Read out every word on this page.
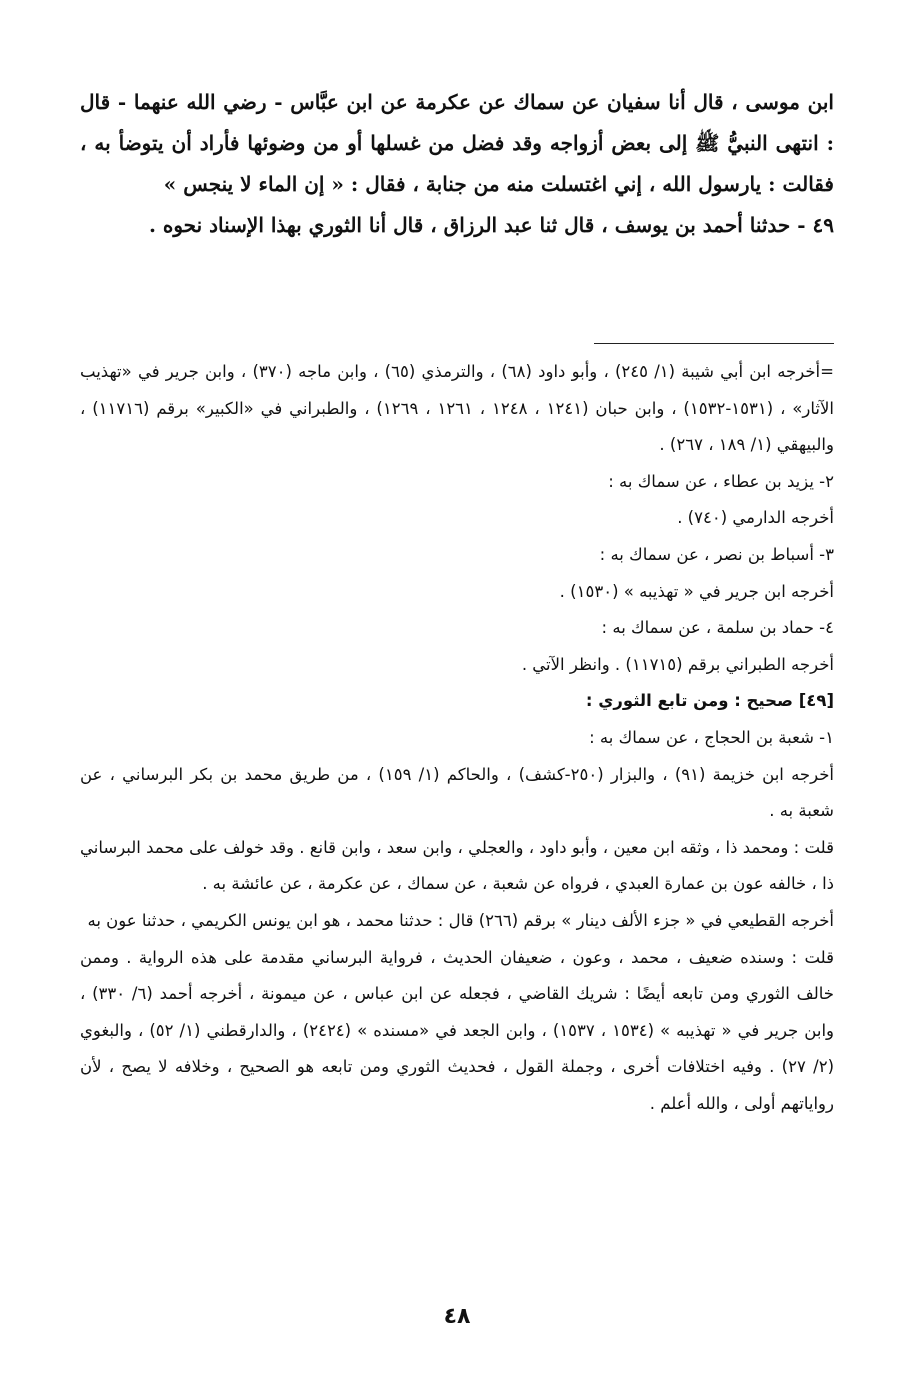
ابن موسى ، قال أنا سفيان عن سماك عن عكرمة عن ابن عبَّاس - رضي الله عنهما - قال : انتهى النبيُّ ﷺ إلى بعض أزواجه وقد فضل من غسلها أو من وضوئها فأراد أن يتوضأ به ، فقالت : يارسول الله ، إني اغتسلت منه من جنابة ، فقال : « إن الماء لا ينجس »

٤٩ - حدثنا أحمد بن يوسف ، قال ثنا عبد الرزاق ، قال أنا الثوري بهذا الإسناد نحوه .

=أخرجه ابن أبي شيبة (١/ ٢٤٥) ، وأبو داود (٦٨) ، والترمذي (٦٥) ، وابن ماجه (٣٧٠) ، وابن جرير في «تهذيب الآثار» ، (١٥٣١-١٥٣٢) ، وابن حبان (١٢٤١ ، ١٢٤٨ ، ١٢٦١ ، ١٢٦٩) ، والطبراني في «الكبير» برقم (١١٧١٦) ، والبيهقي (١/ ١٨٩ ، ٢٦٧) .

٢- يزيد بن عطاء ، عن سماك به :

أخرجه الدارمي (٧٤٠) .

٣- أسباط بن نصر ، عن سماك به :

أخرجه ابن جرير في « تهذيبه » (١٥٣٠) .

٤- حماد بن سلمة ، عن سماك به :

أخرجه الطبراني برقم (١١٧١٥) . وانظر الآتي .

[٤٩] صحيح : ومن تابع الثوري :

١- شعبة بن الحجاج ، عن سماك به :

أخرجه ابن خزيمة (٩١) ، والبزار (٢٥٠-كشف) ، والحاكم (١/ ١٥٩) ، من طريق محمد بن بكر البرساني ، عن شعبة به .

قلت : ومحمد ذا ، وثقه ابن معين ، وأبو داود ، والعجلي ، وابن سعد ، وابن قانع . وقد خولف على محمد البرساني ذا ، خالفه عون بن عمارة العبدي ، فرواه عن شعبة ، عن سماك ، عن عكرمة ، عن عائشة به .

أخرجه القطيعي في « جزء الألف دينار » برقم (٢٦٦) قال : حدثنا محمد ، هو ابن يونس الكريمي ، حدثنا عون به

قلت : وسنده ضعيف ، محمد ، وعون ، ضعيفان الحديث ، فرواية البرساني مقدمة على هذه الرواية . وممن خالف الثوري ومن تابعه أيضًا : شريك القاضي ، فجعله عن ابن عباس ، عن ميمونة ، أخرجه أحمد (٦/ ٣٣٠) ، وابن جرير في « تهذيبه » (١٥٣٤ ، ١٥٣٧) ، وابن الجعد في «مسنده » (٢٤٢٤) ، والدارقطني (١/ ٥٢) ، والبغوي (٢/ ٢٧) . وفيه اختلافات أخرى ، وجملة القول ، فحديث الثوري ومن تابعه هو الصحيح ، وخلافه لا يصح ، لأن رواياتهم أولى ، والله أعلم .

٤٨
